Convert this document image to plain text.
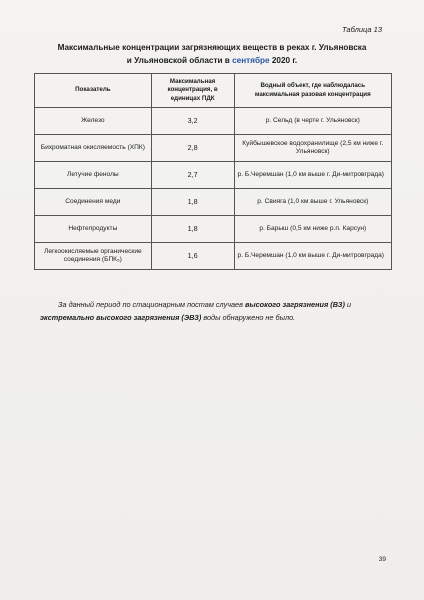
Таблица 13
Максимальные концентрации загрязняющих веществ в реках г. Ульяновска
и Ульяновской области в сентябре 2020 г.
Показатель	Максимальная концентрация, в единицах ПДК	Водный объект, где наблюдалась максимальная разовая концентрация
Железо	3,2	р. Сельд (в черте г. Ульяновск)
Бихроматная окисляемость (ХПК)	2,8	Куйбышевское водохранилище (2,5 км ниже г. Ульяновск)
Летучие фенолы	2,7	р. Б.Черемшан (1,0 км выше г. Ди-митровграда)
Соединения меди	1,8	р. Свияга (1,0 км выше г. Ульяновск)
Нефтепродукты	1,8	р. Барыш (0,5 км ниже р.п. Карсун)
Легкоокисляемые органические соединения (БПК₅)	1,6	р. Б.Черемшан (1,0 км выше г. Ди-митровграда)
За данный период по стационарным постам случаев высокого загрязнения (ВЗ) и экстремально высокого загрязнения (ЭВЗ) воды обнаружено не было.
39
